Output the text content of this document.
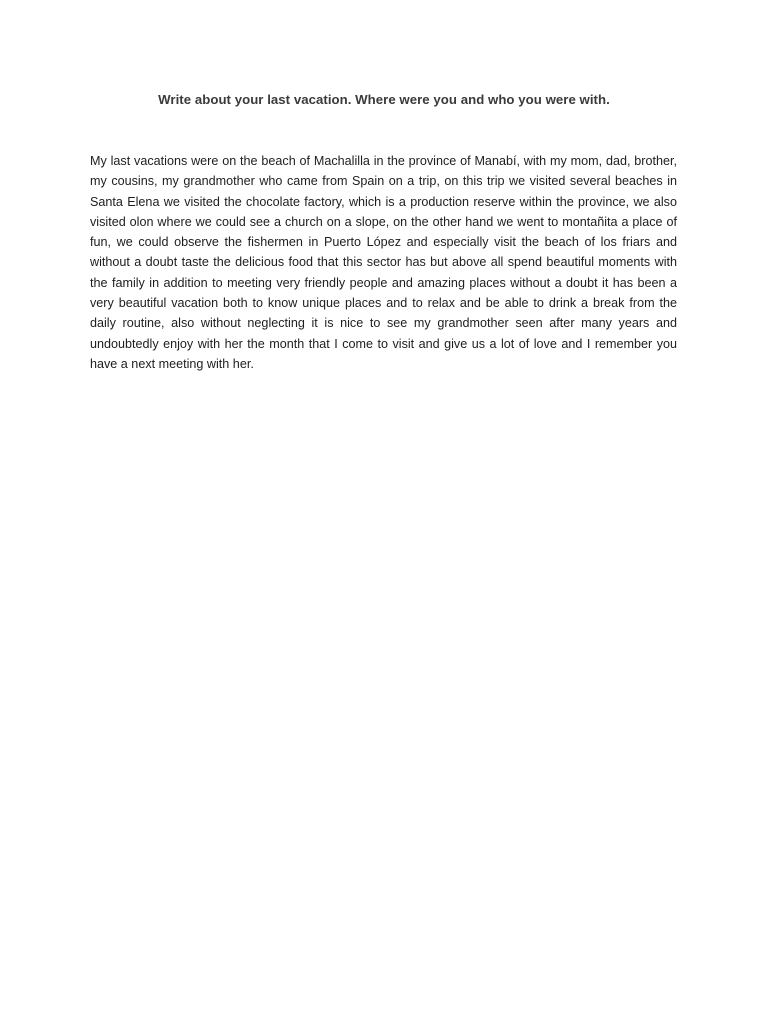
Write about your last vacation. Where were you and who you were with.

My last vacations were on the beach of Machalilla in the province of Manabí, with my mom, dad, brother, my cousins, my grandmother who came from Spain on a trip, on this trip we visited several beaches in Santa Elena we visited the chocolate factory, which is a production reserve within the province, we also visited olon where we could see a church on a slope, on the other hand we went to montañita a place of fun, we could observe the fishermen in Puerto López and especially visit the beach of los friars and without a doubt taste the delicious food that this sector has but above all spend beautiful moments with the family in addition to meeting very friendly people and amazing places without a doubt it has been a very beautiful vacation both to know unique places and to relax and be able to drink a break from the daily routine, also without neglecting it is nice to see my grandmother seen after many years and undoubtedly enjoy with her the month that I come to visit and give us a lot of love and I remember you have a next meeting with her.
